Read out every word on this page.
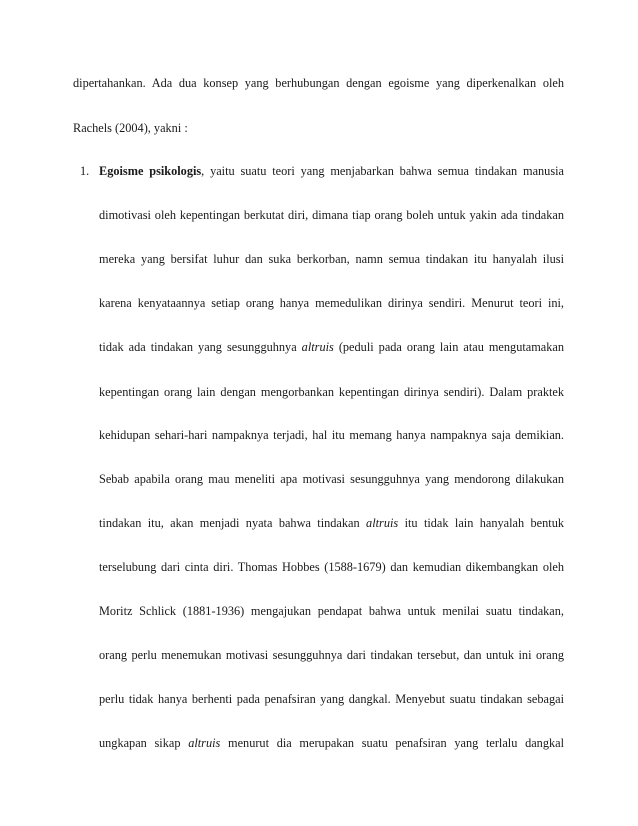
dipertahankan. Ada dua konsep yang berhubungan dengan egoisme yang diperkenalkan oleh
Rachels (2004), yakni :
1. Egoisme psikologis, yaitu suatu teori yang menjabarkan bahwa semua tindakan manusia
dimotivasi oleh kepentingan berkutat diri, dimana tiap orang boleh untuk yakin ada tindakan
mereka yang bersifat luhur dan suka berkorban, namn semua tindakan itu hanyalah ilusi
karena kenyataannya setiap orang hanya memedulikan dirinya sendiri. Menurut teori ini,
tidak ada tindakan yang sesungguhnya altruis (peduli pada orang lain atau mengutamakan
kepentingan orang lain dengan mengorbankan kepentingan dirinya sendiri). Dalam praktek
kehidupan sehari-hari nampaknya terjadi, hal itu memang hanya nampaknya saja demikian.
Sebab apabila orang mau meneliti apa motivasi sesungguhnya yang mendorong dilakukan
tindakan itu, akan menjadi nyata bahwa tindakan altruis itu tidak lain hanyalah bentuk
terselubung dari cinta diri. Thomas Hobbes (1588-1679) dan kemudian dikembangkan oleh
Moritz Schlick (1881-1936) mengajukan pendapat bahwa untuk menilai suatu tindakan,
orang perlu menemukan motivasi sesungguhnya dari tindakan tersebut, dan untuk ini orang
perlu tidak hanya berhenti pada penafsiran yang dangkal. Menyebut suatu tindakan sebagai
ungkapan sikap altruis menurut dia merupakan suatu penafsiran yang terlalu dangkal
